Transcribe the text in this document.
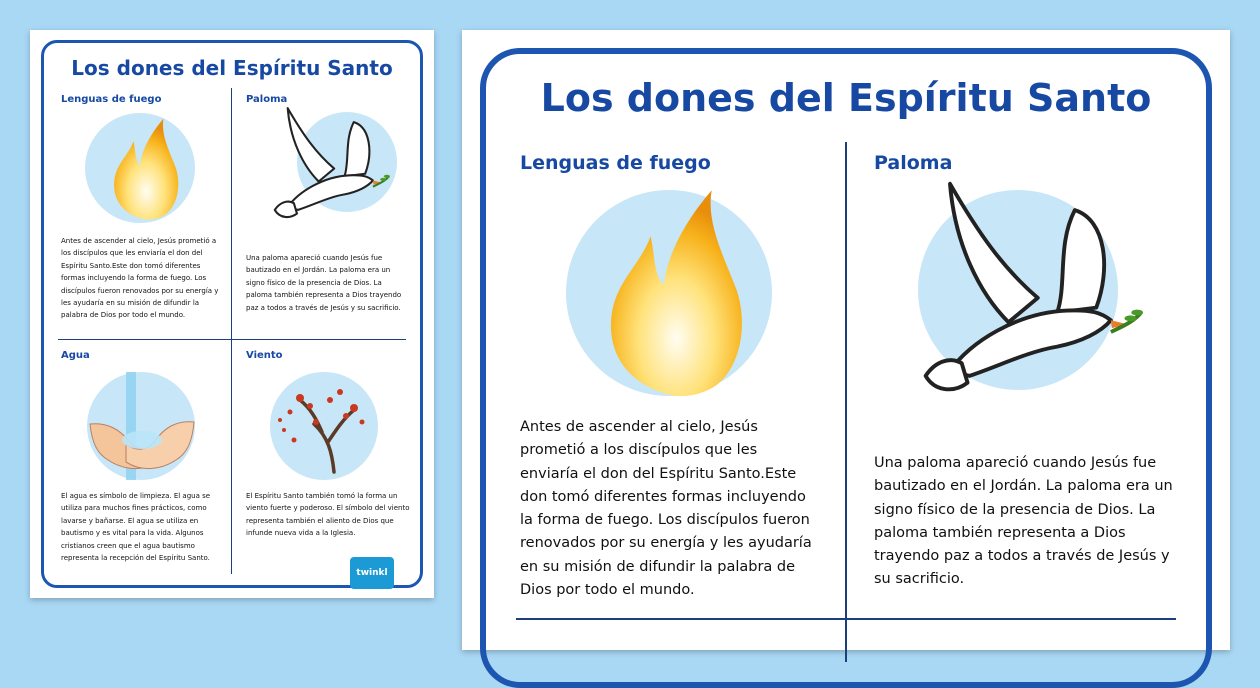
Los dones del Espíritu Santo
Lenguas de fuego
Antes de ascender al cielo, Jesús prometió a los discípulos que les enviaría el don del Espíritu Santo.Este don tomó diferentes formas incluyendo la forma de fuego. Los discípulos fueron renovados por su energía y les ayudaría en su misión de difundir la palabra de Dios por todo el mundo.
Paloma
Una paloma apareció cuando Jesús fue bautizado en el Jordán. La paloma era un signo físico de la presencia de Dios. La paloma también representa a Dios trayendo paz a todos a través de Jesús y su sacrificio.
Agua
El agua es símbolo de limpieza. El agua se utiliza para muchos fines prácticos, como lavarse y bañarse. El agua se utiliza en bautismo y es vital para la vida. Algunos cristianos creen que el agua bautismo representa la recepción del Espíritu Santo.
Viento
El Espíritu Santo también tomó la forma un viento fuerte y poderoso. El símbolo del viento representa también el aliento de Dios que infunde nueva vida a la Iglesia.
twinkl
Los dones del Espíritu Santo
Lenguas de fuego
Antes de ascender al cielo, Jesús prometió a los discípulos que les enviaría el don del Espíritu Santo.Este don tomó diferentes formas incluyendo la forma de fuego. Los discípulos fueron renovados por su energía y les ayudaría en su misión de difundir la palabra de Dios por todo el mundo.
Paloma
Una paloma apareció cuando Jesús fue bautizado en el Jordán. La paloma era un signo físico de la presencia de Dios. La paloma también representa a Dios trayendo paz a todos a través de Jesús y su sacrificio.
